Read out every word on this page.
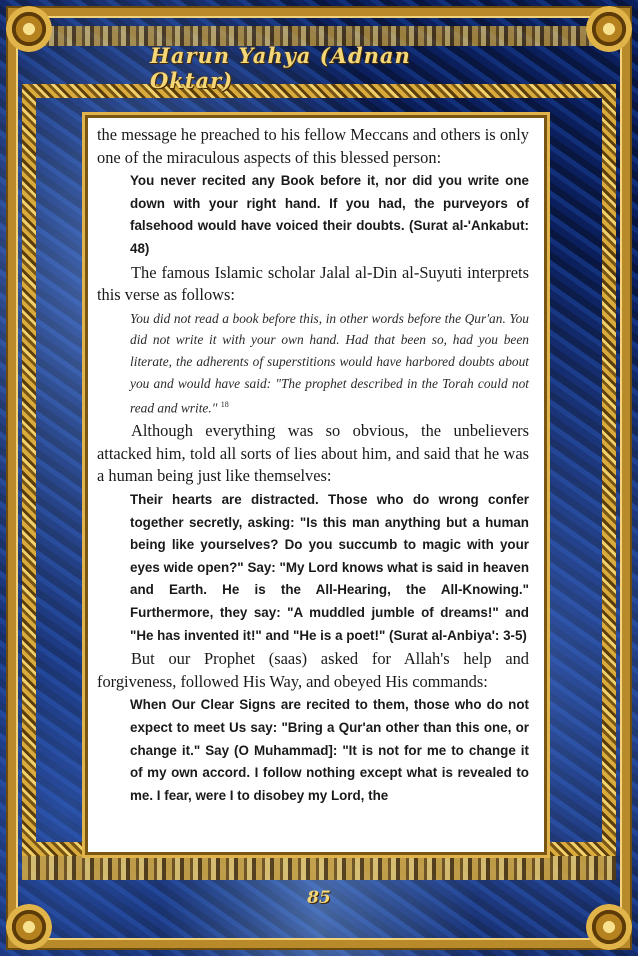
Harun Yahya (Adnan Oktar)

the message he preached to his fellow Meccans and others is only one of the miraculous aspects of this blessed person:

You never recited any Book before it, nor did you write one down with your right hand. If you had, the purveyors of falsehood would have voiced their doubts. (Surat al-'Ankabut: 48)

The famous Islamic scholar Jalal al-Din al-Suyuti interprets this verse as follows:

You did not read a book before this, in other words before the Qur'an. You did not write it with your own hand. Had that been so, had you been literate, the adherents of superstitions would have harbored doubts about you and would have said: "The prophet described in the Torah could not read and write." $^{18}$

Although everything was so obvious, the unbelievers attacked him, told all sorts of lies about him, and said that he was a human being just like themselves:

Their hearts are distracted. Those who do wrong confer together secretly, asking: "Is this man anything but a human being like yourselves? Do you succumb to magic with your eyes wide open?" Say: "My Lord knows what is said in heaven and Earth. He is the All-Hearing, the All-Knowing." Furthermore, they say: "A muddled jumble of dreams!" and "He has invented it!" and "He is a poet!" (Surat al-Anbiya': 3-5)

But our Prophet (saas) asked for Allah's help and forgiveness, followed His Way, and obeyed His commands:

When Our Clear Signs are recited to them, those who do not expect to meet Us say: "Bring a Qur'an other than this one, or change it." Say (O Muhammad]: "It is not for me to change it of my own accord. I follow nothing except what is revealed to me. I fear, were I to disobey my Lord, the

85
